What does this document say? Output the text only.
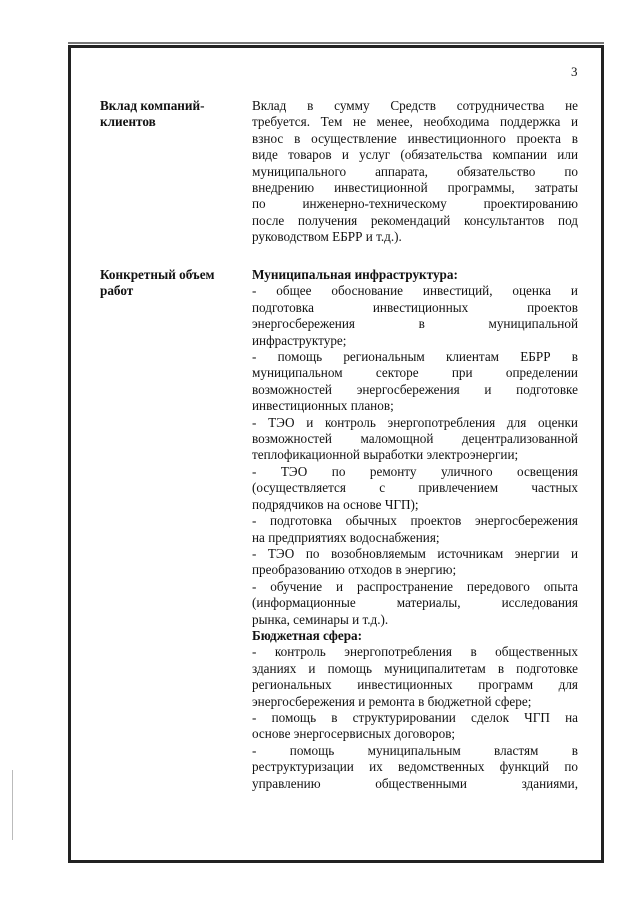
3
Вклад компаний-
клиентов
Вклад в сумму Средств сотрудничества не
требуется. Тем не менее, необходима поддержка и
взнос в осуществление инвестиционного проекта в
виде товаров и услуг (обязательства компании или
муниципального аппарата, обязательство по
внедрению инвестиционной программы, затраты
по инженерно-техническому проектированию
после получения рекомендаций консультантов под
руководством ЕБРР и т.д.).
Конкретный объем
работ
Муниципальная инфраструктура:
- общее обоснование инвестиций, оценка и
подготовка инвестиционных проектов
энергосбережения в муниципальной
инфраструктуре;
- помощь региональным клиентам ЕБРР в
муниципальном секторе при определении
возможностей энергосбережения и подготовке
инвестиционных планов;
- ТЭО и контроль энергопотребления для оценки
возможностей маломощной децентрализованной
теплофикационной выработки электроэнергии;
- ТЭО по ремонту уличного освещения
(осуществляется с привлечением частных
подрядчиков на основе ЧГП);
- подготовка обычных проектов энергосбережения
на предприятиях водоснабжения;
- ТЭО по возобновляемым источникам энергии и
преобразованию отходов в энергию;
- обучение и распространение передового опыта
(информационные материалы, исследования
рынка, семинары и т.д.).
Бюджетная сфера:
- контроль энергопотребления в общественных
зданиях и помощь муниципалитетам в подготовке
региональных инвестиционных программ для
энергосбережения и ремонта в бюджетной сфере;
- помощь в структурировании сделок ЧГП на
основе энергосервисных договоров;
- помощь муниципальным властям в
реструктуризации их ведомственных функций по
управлению общественными зданиями,
